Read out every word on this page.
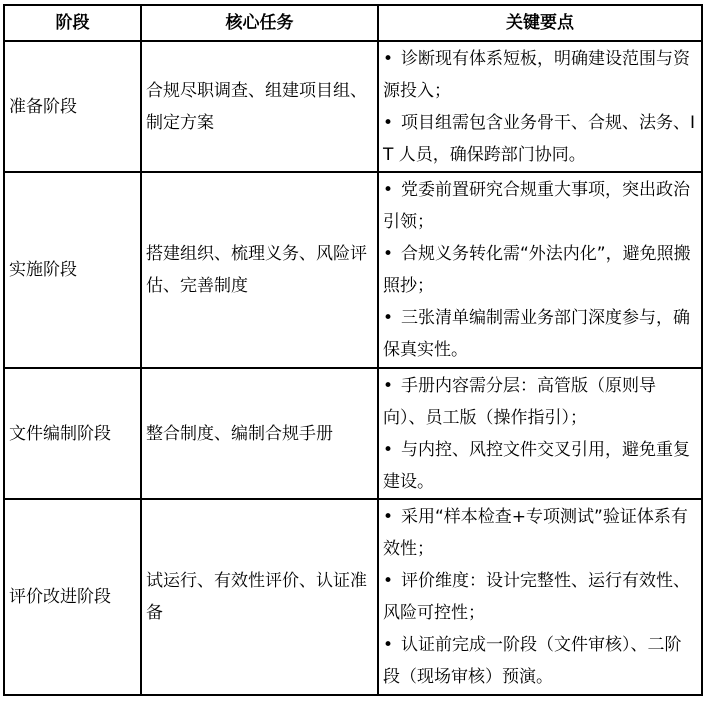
阶段	核心任务	关键要点
准备阶段	合规尽职调查、组建项目组、制定方案	• 诊断现有体系短板，明确建设范围与资源投入；
• 项目组需包含业务骨干、合规、法务、IT 人员，确保跨部门协同。

实施阶段	搭建组织、梳理义务、风险评估、完善制度	• 党委前置研究合规重大事项，突出政治引领；
• 合规义务转化需“外法内化”，避免照搬照抄；
• 三张清单编制需业务部门深度参与，确保真实性。

文件编制阶段	整合制度、编制合规手册	• 手册内容需分层：高管版（原则导向）、员工版（操作指引）；
• 与内控、风控文件交叉引用，避免重复建设。

评价改进阶段	试运行、有效性评价、认证准备	• 采用“样本检查+专项测试”验证体系有效性；
• 评价维度：设计完整性、运行有效性、风险可控性；
• 认证前完成一阶段（文件审核）、二阶段（现场审核）预演。
